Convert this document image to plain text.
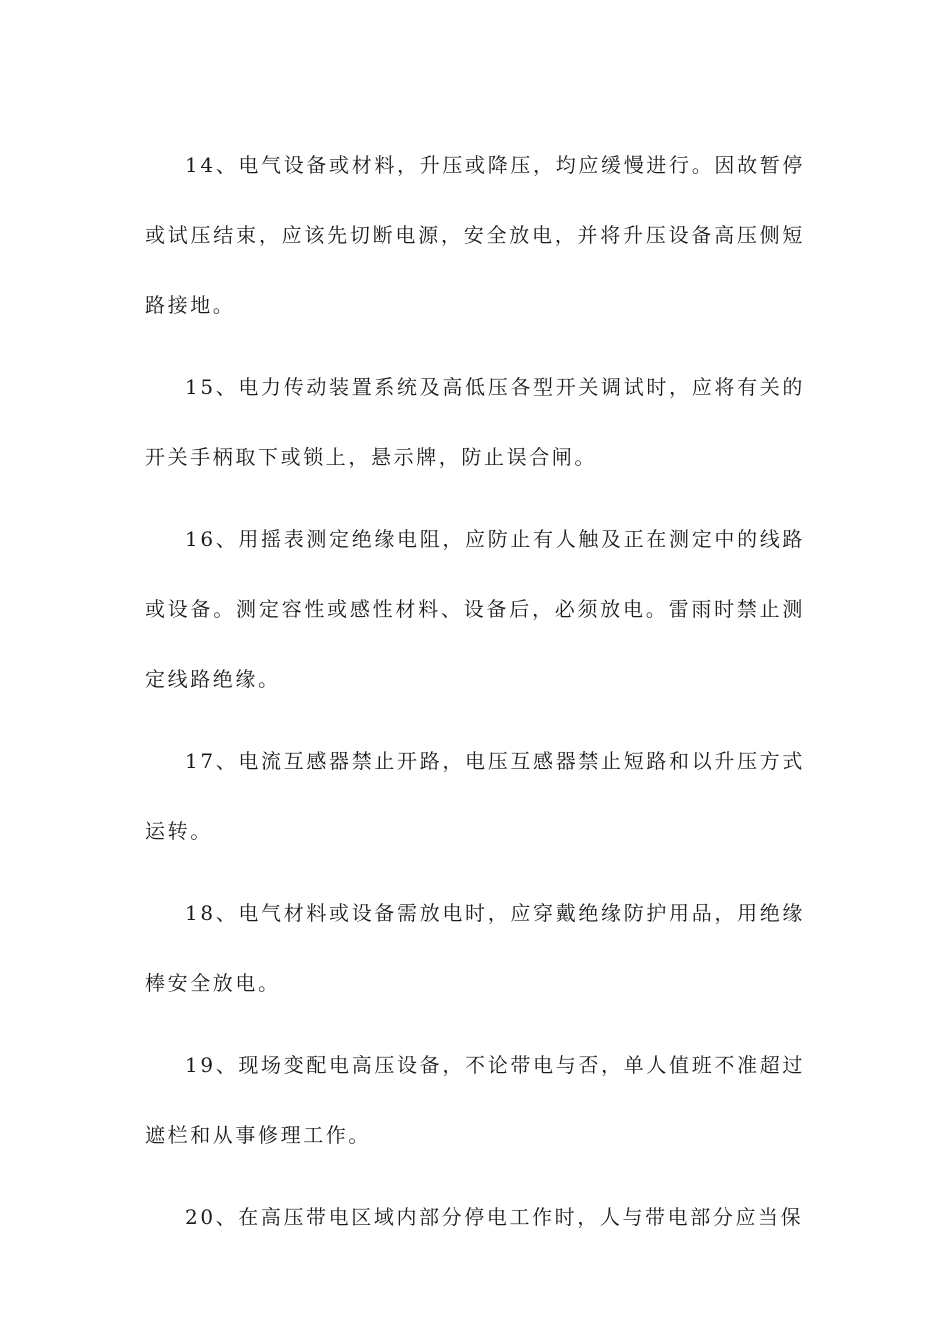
14、电气设备或材料，升压或降压，均应缓慢进行。因故暂停或试压结束，应该先切断电源，安全放电，并将升压设备高压侧短路接地。

15、电力传动装置系统及高低压各型开关调试时，应将有关的开关手柄取下或锁上，悬示牌，防止误合闸。

16、用摇表测定绝缘电阻，应防止有人触及正在测定中的线路或设备。测定容性或感性材料、设备后，必须放电。雷雨时禁止测定线路绝缘。

17、电流互感器禁止开路，电压互感器禁止短路和以升压方式运转。

18、电气材料或设备需放电时，应穿戴绝缘防护用品，用绝缘棒安全放电。

19、现场变配电高压设备，不论带电与否，单人值班不准超过遮栏和从事修理工作。

20、在高压带电区域内部分停电工作时，人与带电部分应当保
